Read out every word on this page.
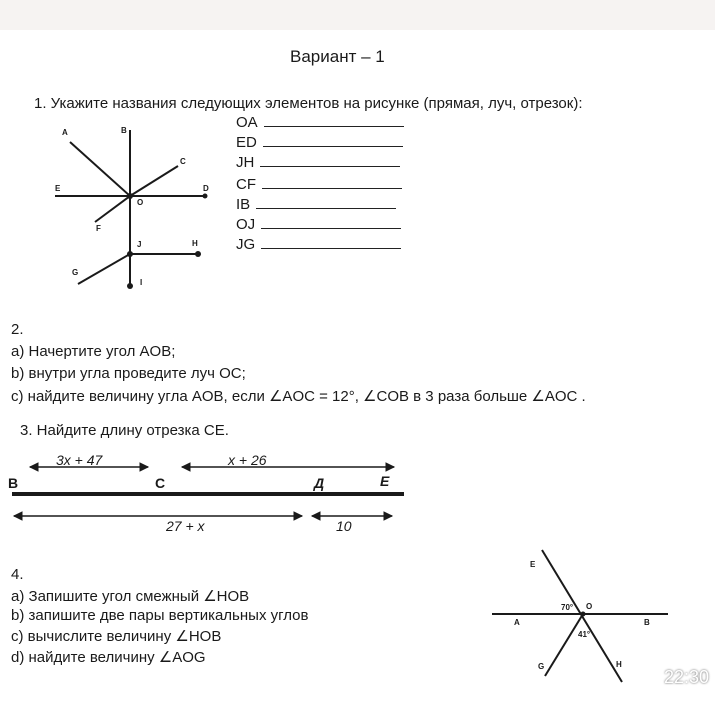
Вариант – 1
1. Укажите названия следующих элементов на рисунке (прямая, луч, отрезок):
OA
ED
JH
CF
IB
OJ
JG
A	B
C
E	D
O
F
J	H
G
I
2.
a) Начертите угол AOB;
b) внутри угла проведите луч ОС;
c) найдите величину угла AOB, если ∠AOC = 12°, ∠COB в 3 раза больше ∠AOC .
3. Найдите длину отрезка СЕ.
3x + 47	x + 26
27 + x	10
B	C	Д	E
4.
a) Запишите угол смежный ∠HOB
b) запишите две пары вертикальных углов
c) вычислите величину ∠HOB
d) найдите величину ∠AOG
E
O
A	B
G	H
70°
41°
22:30
